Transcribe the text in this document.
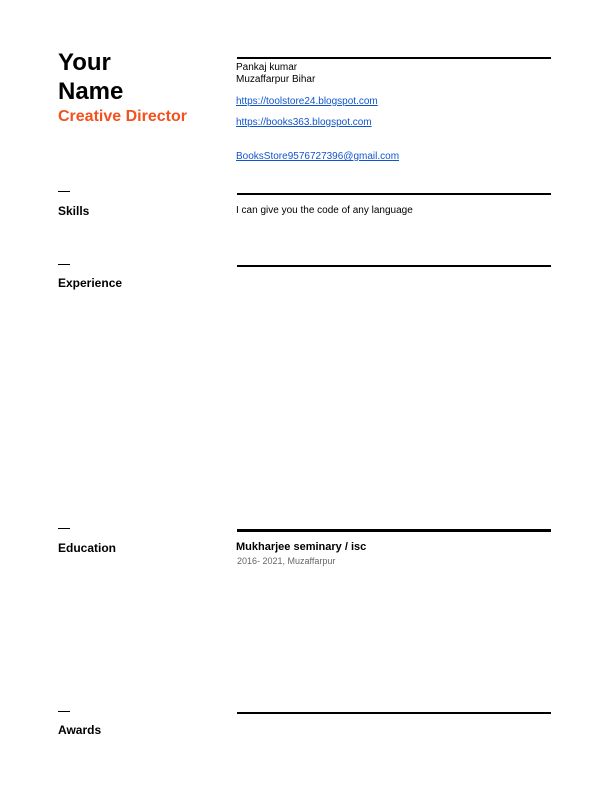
Your
Name
Creative Director
Pankaj kumar
Muzaffarpur Bihar
https://toolstore24.blogspot.com
https://books363.blogspot.com
BooksStore9576727396@gmail.com
Skills	I can give you the code of any language
Experience
Education	Mukharjee seminary / isc
2016- 2021, Muzaffarpur
Awards
